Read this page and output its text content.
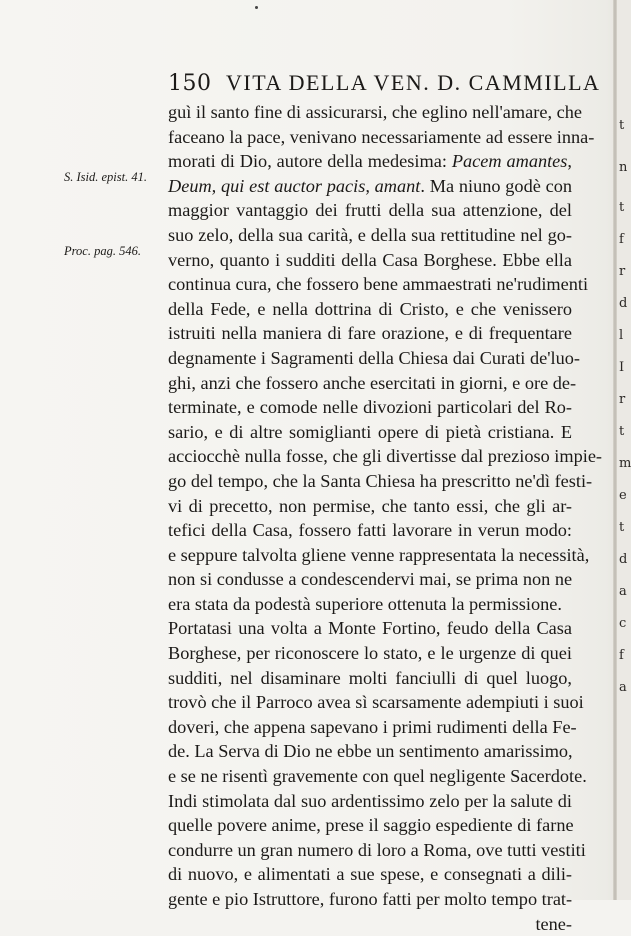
150 VITA DELLA VEN. D. CAMMILLA
S. Isid. epist. 41.
Proc. pag. 546.
guì il santo fine di assicurarsi, che eglino nell'amare, che
faceano la pace, venivano necessariamente ad essere inna-
morati di Dio, autore della medesima: Pacem amantes,
Deum, qui est auctor pacis, amant. Ma niuno godè con
maggior vantaggio dei frutti della sua attenzione, del
suo zelo, della sua carità, e della sua rettitudine nel go-
verno, quanto i sudditi della Casa Borghese. Ebbe ella
continua cura, che fossero bene ammaestrati ne'rudimenti
della Fede, e nella dottrina di Cristo, e che venissero
istruiti nella maniera di fare orazione, e di frequentare
degnamente i Sagramenti della Chiesa dai Curati de'luo-
ghi, anzi che fossero anche esercitati in giorni, e ore de-
terminate, e comode nelle divozioni particolari del Ro-
sario, e di altre somiglianti opere di pietà cristiana. E
acciocchè nulla fosse, che gli divertisse dal prezioso impie-
go del tempo, che la Santa Chiesa ha prescritto ne'dì festi-
vi di precetto, non permise, che tanto essi, che gli ar-
tefici della Casa, fossero fatti lavorare in verun modo:
e seppure talvolta gliene venne rappresentata la necessità,
non si condusse a condescendervi mai, se prima non ne
era stata da podestà superiore ottenuta la permissione.
Portatasi una volta a Monte Fortino, feudo della Casa
Borghese, per riconoscere lo stato, e le urgenze di quei
sudditi, nel disaminare molti fanciulli di quel luogo,
trovò che il Parroco avea sì scarsamente adempiuti i suoi
doveri, che appena sapevano i primi rudimenti della Fe-
de. La Serva di Dio ne ebbe un sentimento amarissimo,
e se ne risentì gravemente con quel negligente Sacerdote.
Indi stimolata dal suo ardentissimo zelo per la salute di
quelle povere anime, prese il saggio espediente di farne
condurre un gran numero di loro a Roma, ove tutti vestiti
di nuovo, e alimentati a sue spese, e consegnati a dili-
gente e pio Istruttore, furono fatti per molto tempo trat-
tene-
t
n
t
f
r
d
l
I
r
t
m
e
t
d
a
c
f
a
